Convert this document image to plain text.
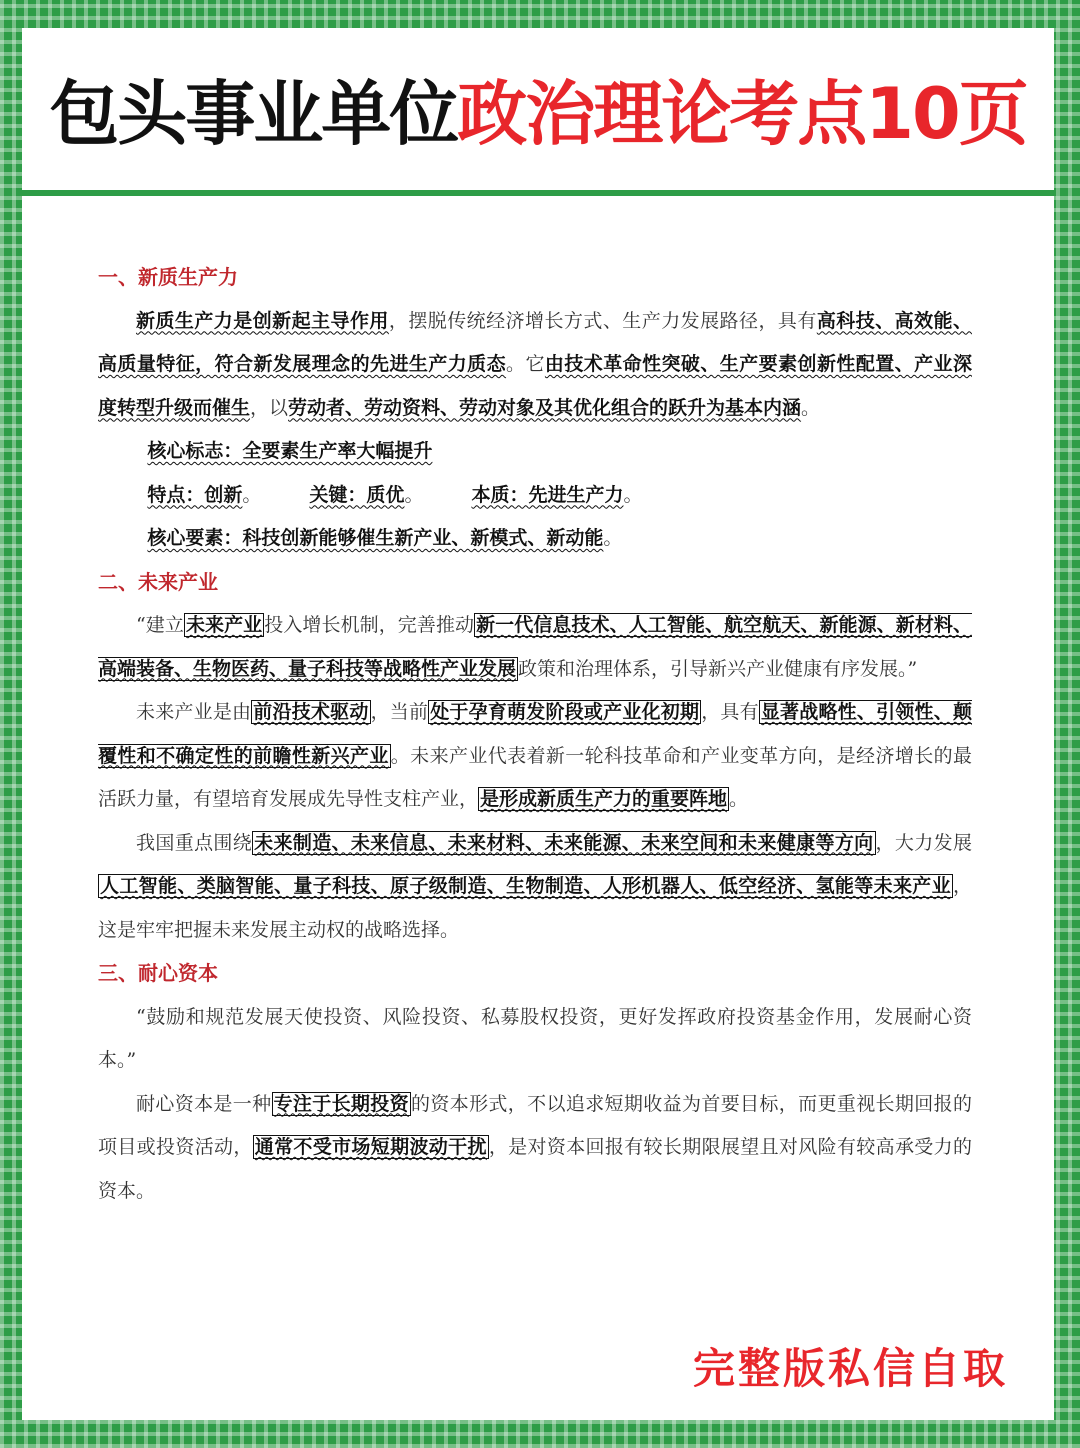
包头事业单位 政治理论考点10页
一、新质生产力

新质生产力是创新起主导作用，摆脱传统经济增长方式、生产力发展路径，具有高科技、高效能、高质量特征，符合新发展理念的先进生产力质态。它由技术革命性突破、生产要素创新性配置、产业深度转型升级而催生，以劳动者、劳动资料、劳动对象及其优化组合的跃升为基本内涵。

核心标志：全要素生产率大幅提升

特点：创新。	关键：质优。	本质：先进生产力。

核心要素：科技创新能够催生新产业、新模式、新动能。

二、未来产业

“建立 未来产业 投入增长机制，完善推动 新一代信息技术、人工智能、航空航天、新能源、新材料、高端装备、生物医药、量子科技等战略性产业发展 政策和治理体系，引导新兴产业健康有序发展。”

未来产业是由 前沿技术驱动 ，当前 处于孕育萌发阶段或产业化初期 ，具有 显著战略性、引领性、颠覆性和不确定性的前瞻性新兴产业 。未来产业代表着新一轮科技革命和产业变革方向，是经济增长的最活跃力量，有望培育发展成先导性支柱产业， 是形成新质生产力的重要阵地 。

我国重点围绕 未来制造、未来信息、未来材料、未来能源、未来空间和未来健康等方向 ，大力发展人工智能、类脑智能、量子科技、原子级制造、生物制造、人形机器人、低空经济、氢能等未来产业 ，这是牢牢把握未来发展主动权的战略选择。

三、耐心资本

“鼓励和规范发展天使投资、风险投资、私募股权投资，更好发挥政府投资基金作用，发展耐心资本。”

耐心资本是一种 专注于长期投资 的资本形式，不以追求短期收益为首要目标，而更重视长期回报的项目或投资活动， 通常不受市场短期波动干扰 ，是对资本回报有较长期限展望且对风险有较高承受力的资本。

完整版私信自取
